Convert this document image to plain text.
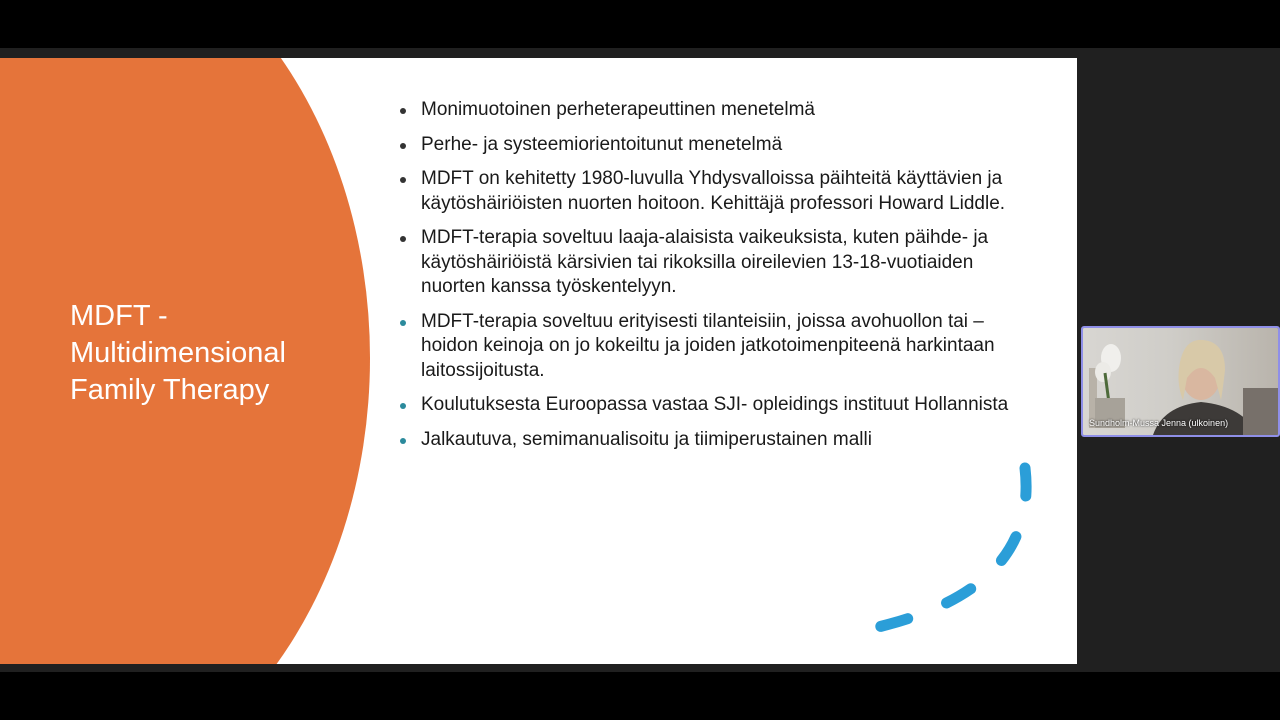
MDFT -
Multidimensional
Family Therapy
Monimuotoinen perheterapeuttinen menetelmä
Perhe- ja systeemiorientoitunut menetelmä
MDFT on kehitetty 1980-luvulla Yhdysvalloissa päihteitä käyttävien ja käytöshäiriöisten nuorten hoitoon. Kehittäjä professori Howard Liddle.
MDFT-terapia soveltuu laaja-alaisista vaikeuksista, kuten päihde- ja käytöshäiriöistä kärsivien tai rikoksilla oireilevien 13-18-vuotiaiden nuorten kanssa työskentelyyn.
MDFT-terapia soveltuu erityisesti tilanteisiin, joissa avohuollon tai –hoidon keinoja on jo kokeiltu ja joiden jatkotoimenpiteenä harkintaan laitossijoitusta.
Koulutuksesta Euroopassa vastaa SJI- opleidings instituut Hollannista
Jalkautuva, semimanualisoitu ja tiimiperustainen malli
Sundholm-Mussa Jenna (ulkoinen)
